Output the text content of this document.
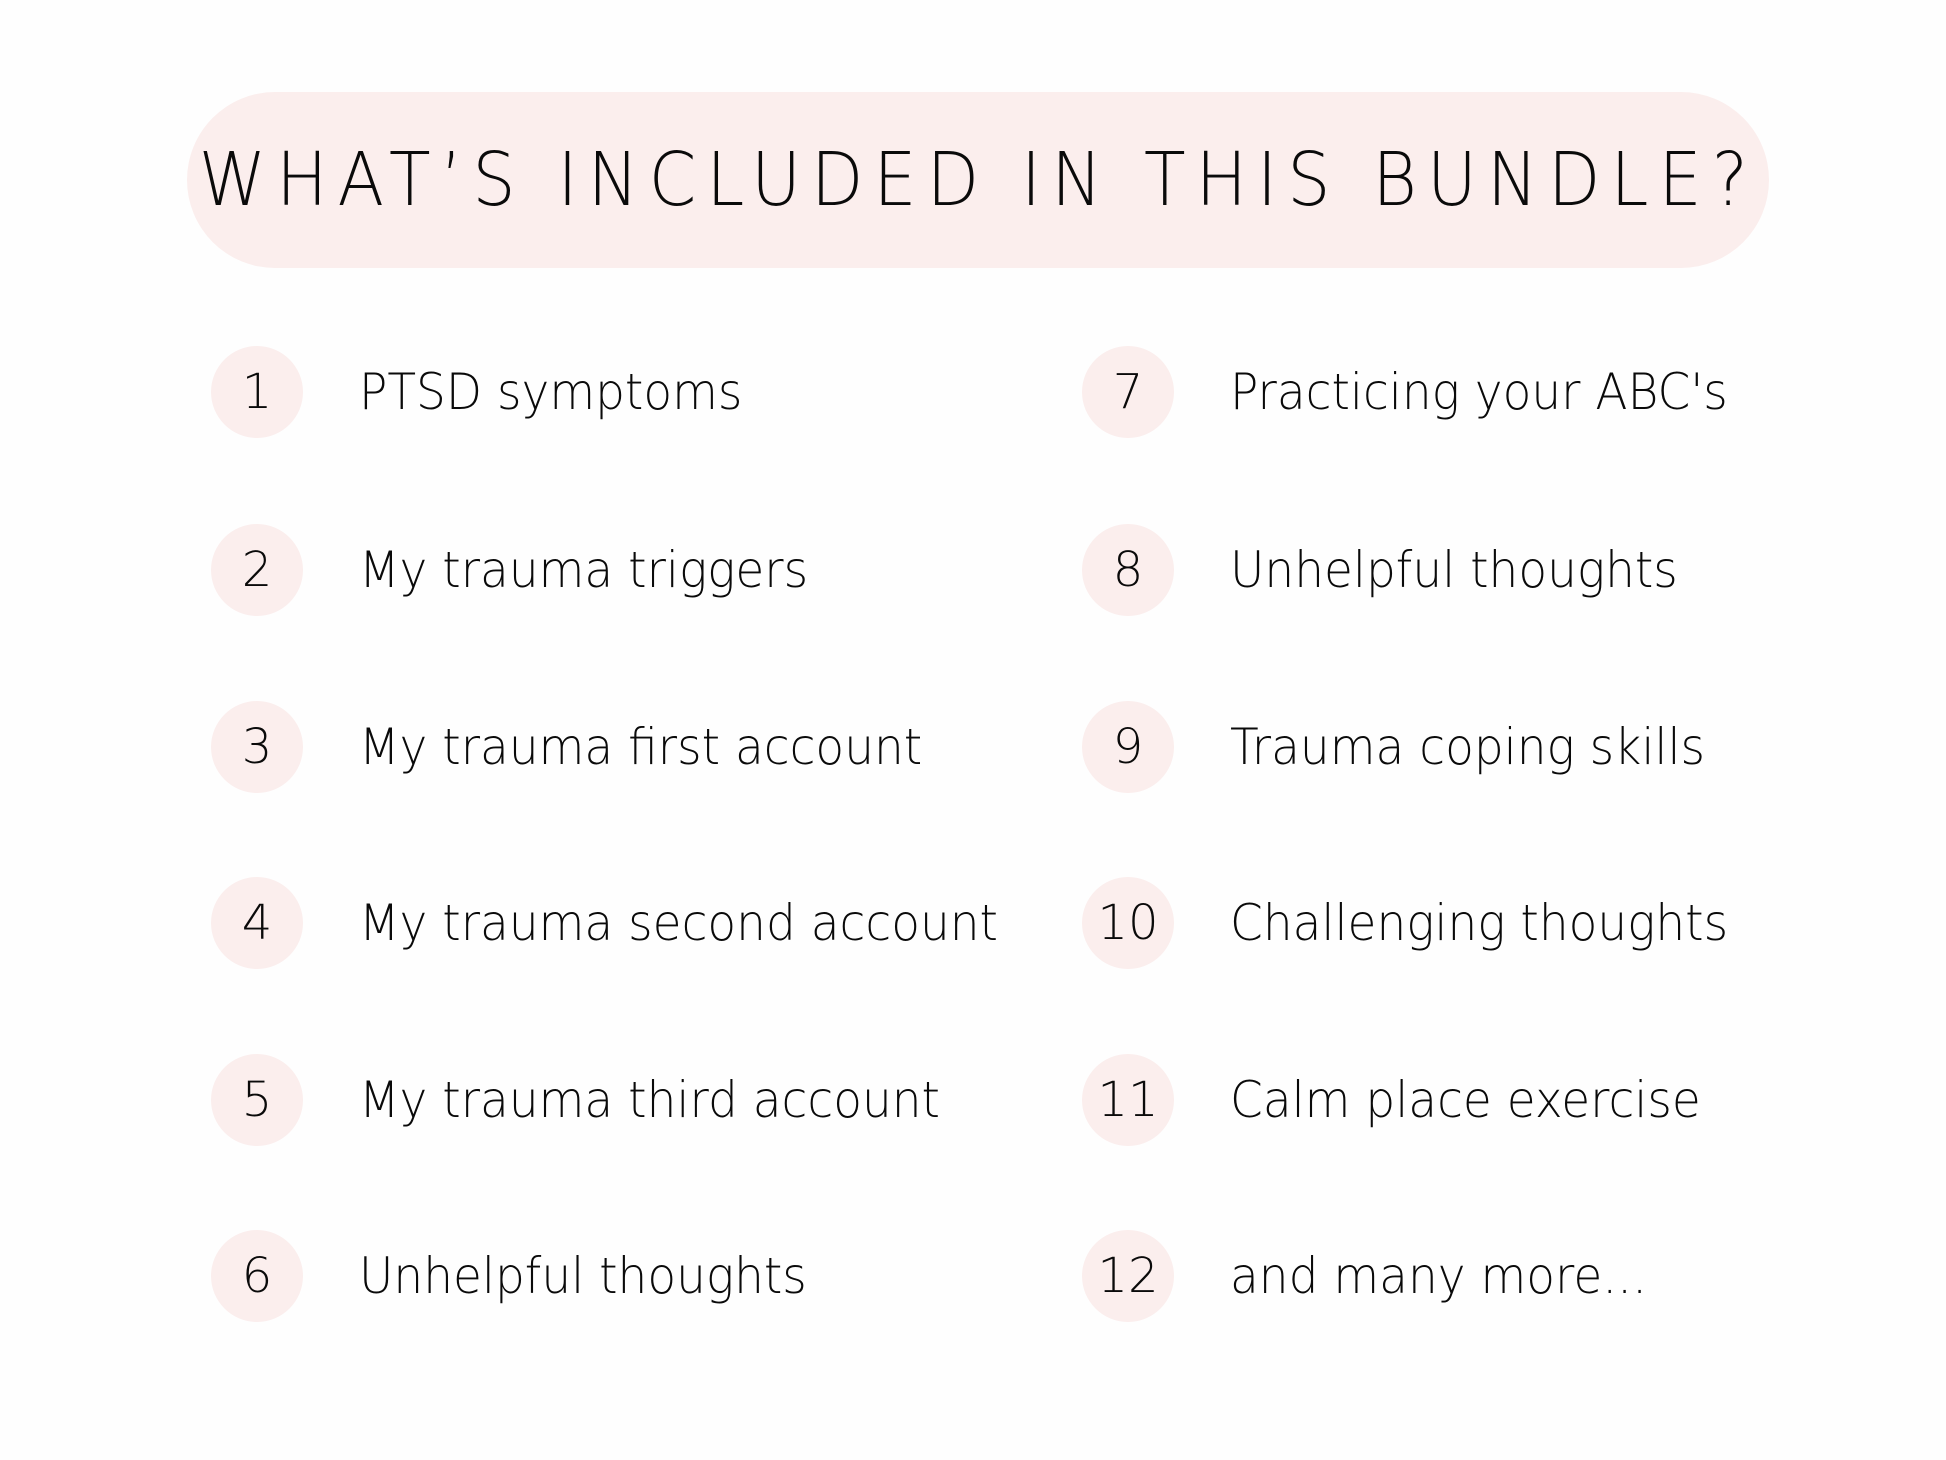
WHAT’S INCLUDED IN THIS BUNDLE?
1	PTSD symptoms
2	My trauma triggers
3	My trauma first account
4	My trauma second account
5	My trauma third account
6	Unhelpful thoughts
7	Practicing your ABC's
8	Unhelpful thoughts
9	Trauma coping skills
10	Challenging thoughts
11	Calm place exercise
12	and many more...
